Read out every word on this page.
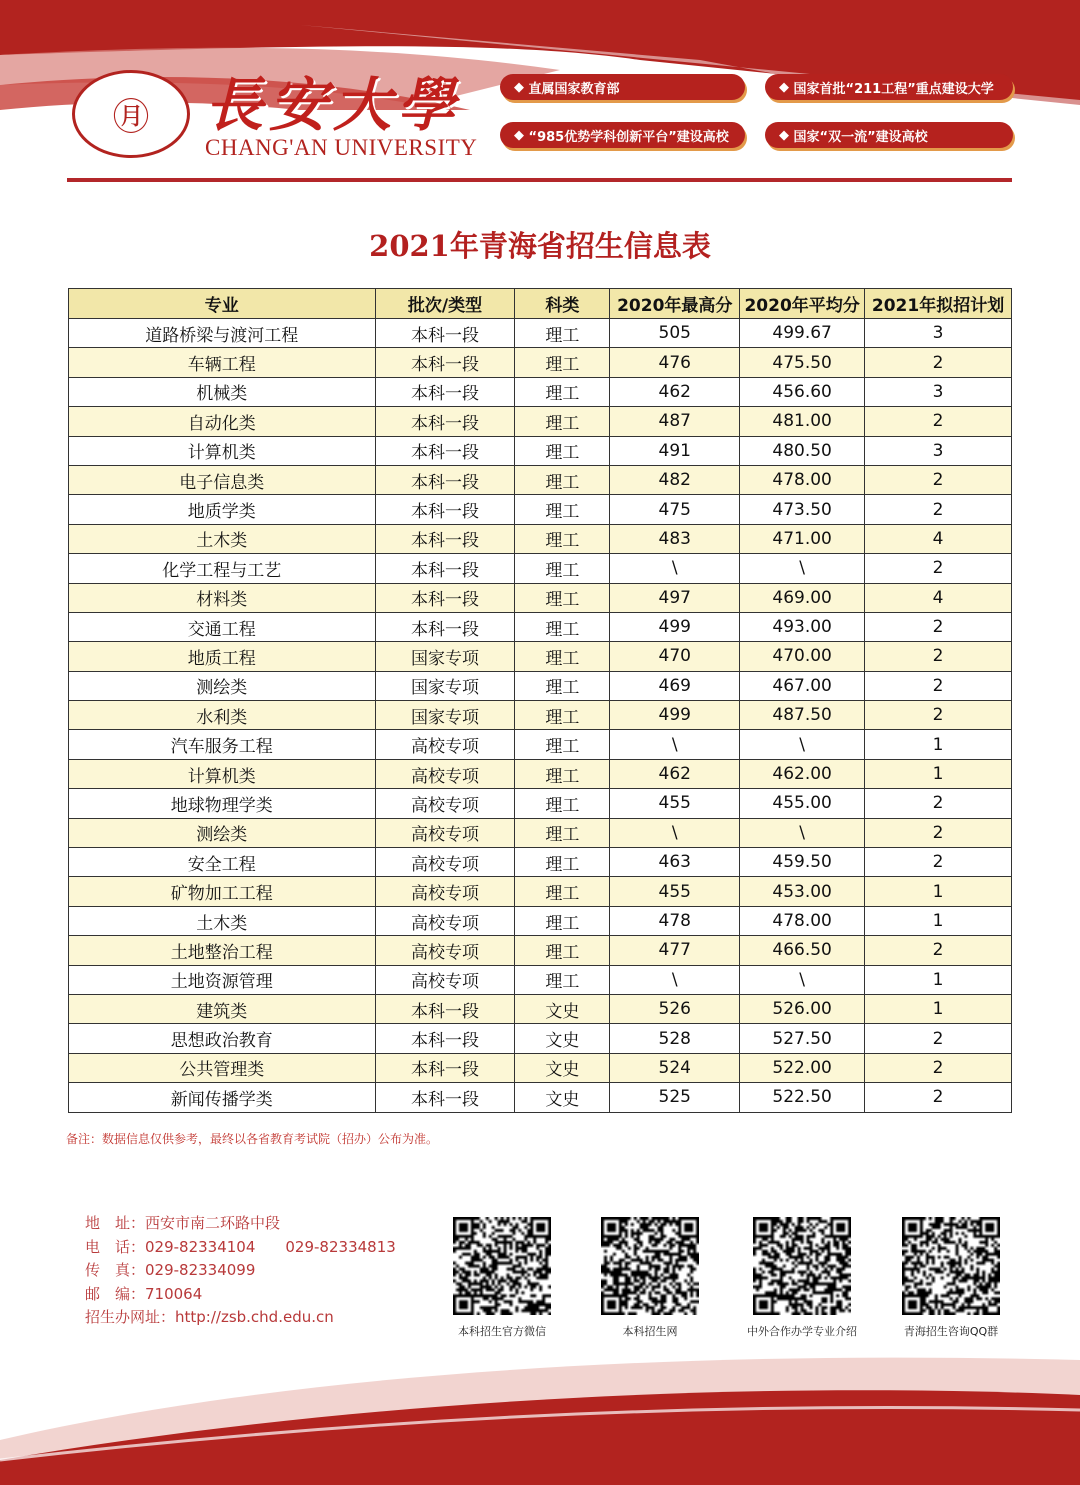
㊊ 長安大學
CHANG'AN UNIVERSITY
◆ 直属国家教育部	◆ 国家首批“211工程”重点建设大学
◆ “985优势学科创新平台”建设高校	◆ 国家“双一流”建设高校
2021年青海省招生信息表
专业	批次/类型	科类	2020年最高分	2020年平均分	2021年拟招计划
道路桥梁与渡河工程	本科一段	理工	505	499.67	3
车辆工程	本科一段	理工	476	475.50	2
机械类	本科一段	理工	462	456.60	3
自动化类	本科一段	理工	487	481.00	2
计算机类	本科一段	理工	491	480.50	3
电子信息类	本科一段	理工	482	478.00	2
地质学类	本科一段	理工	475	473.50	2
土木类	本科一段	理工	483	471.00	4
化学工程与工艺	本科一段	理工	\	\	2
材料类	本科一段	理工	497	469.00	4
交通工程	本科一段	理工	499	493.00	2
地质工程	国家专项	理工	470	470.00	2
测绘类	国家专项	理工	469	467.00	2
水利类	国家专项	理工	499	487.50	2
汽车服务工程	高校专项	理工	\	\	1
计算机类	高校专项	理工	462	462.00	1
地球物理学类	高校专项	理工	455	455.00	2
测绘类	高校专项	理工	\	\	2
安全工程	高校专项	理工	463	459.50	2
矿物加工工程	高校专项	理工	455	453.00	1
土木类	高校专项	理工	478	478.00	1
土地整治工程	高校专项	理工	477	466.50	2
土地资源管理	高校专项	理工	\	\	1
建筑类	本科一段	文史	526	526.00	1
思想政治教育	本科一段	文史	528	527.50	2
公共管理类	本科一段	文史	524	522.00	2
新闻传播学类	本科一段	文史	525	522.50	2
备注：数据信息仅供参考，最终以各省教育考试院（招办）公布为准。
地　址：西安市南二环路中段
电　话：029-82334104　　029-82334813
传　真：029-82334099
邮　编：710064
招生办网址：http://zsb.chd.edu.cn
本科招生官方微信	本科招生网	中外合作办学专业介绍	青海招生咨询QQ群
